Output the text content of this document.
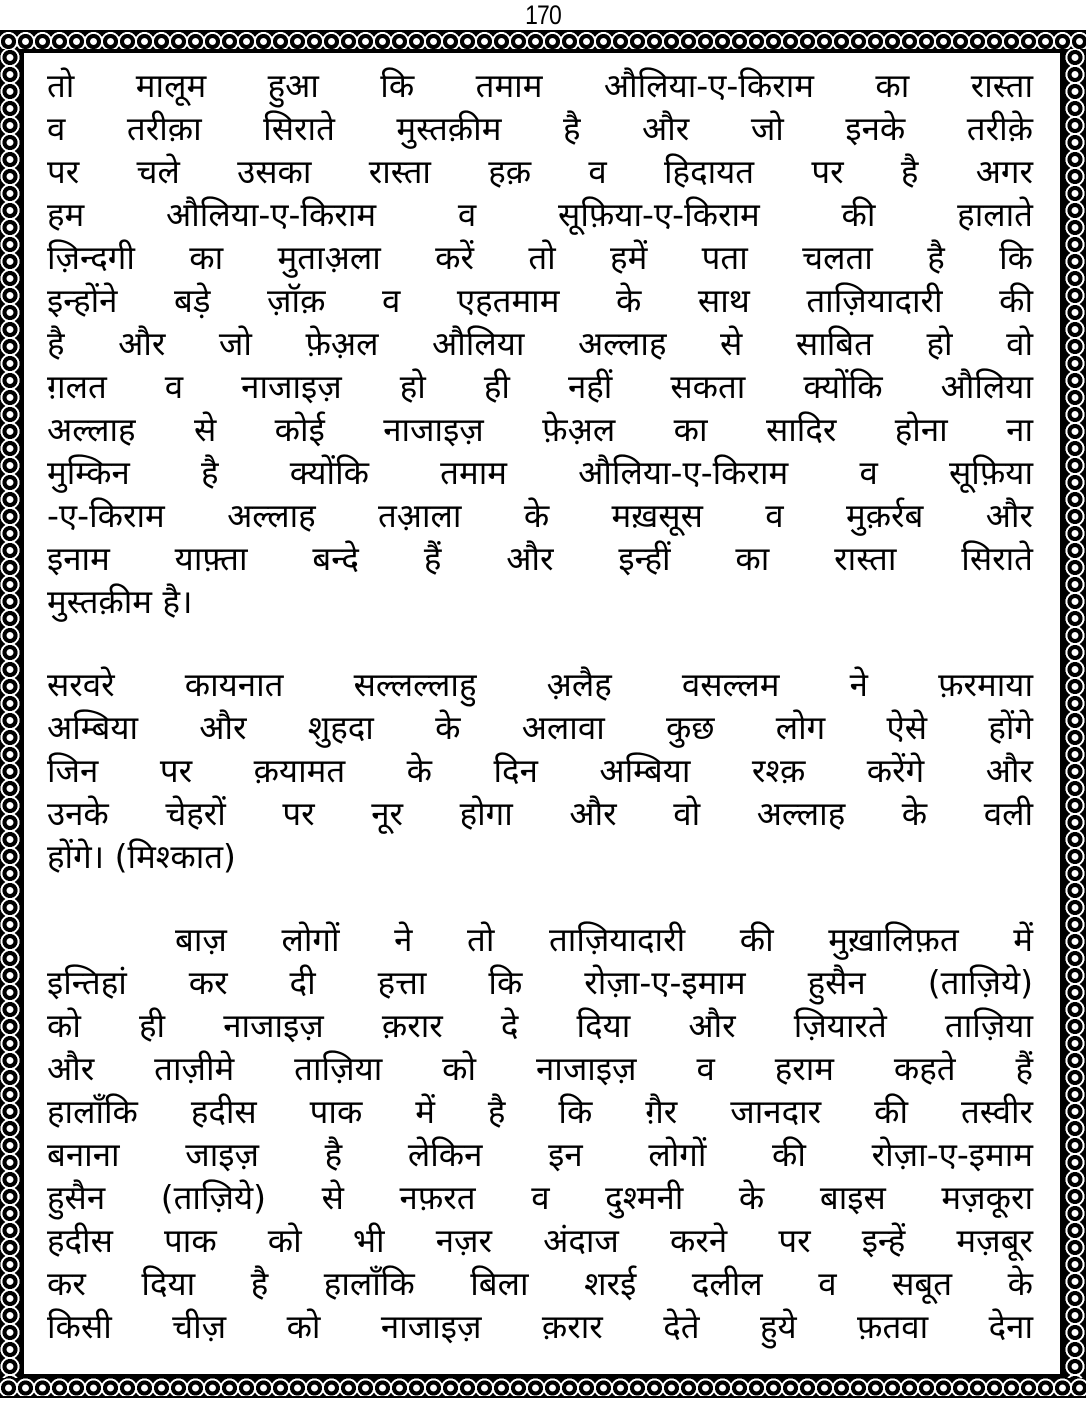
170
तो मालूम हुआ कि तमाम औलिया-ए-किराम का रास्ता
व तरीक़ा सिराते मुस्तक़ीम है और जो इनके तरीक़े
पर चले उसका रास्ता हक़ व हिदायत पर है अगर
हम औलिया-ए-किराम व सूफ़िया-ए-किराम की हालाते
ज़िन्दगी का मुताअ़ला करें तो हमें पता चलता है कि
इन्होंने बड़े ज़ॉक़ व एहतमाम के साथ ताज़ियादारी की
है और जो फ़ेअ़ल औलिया अल्लाह से साबित हो वो
ग़लत व नाजाइज़ हो ही नहीं सकता क्योंकि औलिया
अल्लाह से कोई नाजाइज़ फ़ेअ़ल का सादिर होना ना
मुम्किन है क्योंकि तमाम औलिया-ए-किराम व सूफ़िया
-ए-किराम अल्लाह तआ़ला के मख़सूस व मुक़र्रब और
इनाम याफ़्ता बन्दे हैं और इन्हीं का रास्ता सिराते
मुस्तक़ीम है।
सरवरे कायनात सल्लल्लाहु अ़लैह वसल्लम ने फ़रमाया
अम्बिया और शुहदा के अलावा कुछ लोग ऐसे होंगे
जिन पर क़यामत के दिन अम्बिया रश्क़ करेंगे और
उनके चेहरों पर नूर होगा और वो अल्लाह के वली
होंगे। (मिश्कात)
बाज़ लोगों ने तो ताज़ियादारी की मुख़ालिफ़त में
इन्तिहां कर दी हत्ता कि रोज़ा-ए-इमाम हुसैन (ताज़िये)
को ही नाजाइज़ क़रार दे दिया और ज़ियारते ताज़िया
और ताज़ीमे ताज़िया को नाजाइज़ व हराम कहते हैं
हालाँकि हदीस पाक में है कि ग़ैर जानदार की तस्वीर
बनाना जाइज़ है लेकिन इन लोगों की रोज़ा-ए-इमाम
हुसैन (ताज़िये) से नफ़रत व दुश्मनी के बाइस मज़कूरा
हदीस पाक को भी नज़र अंदाज करने पर इन्हें मज़बूर
कर दिया है हालाँकि बिला शरई दलील व सबूत के
किसी चीज़ को नाजाइज़ क़रार देते हुये फ़तवा देना
